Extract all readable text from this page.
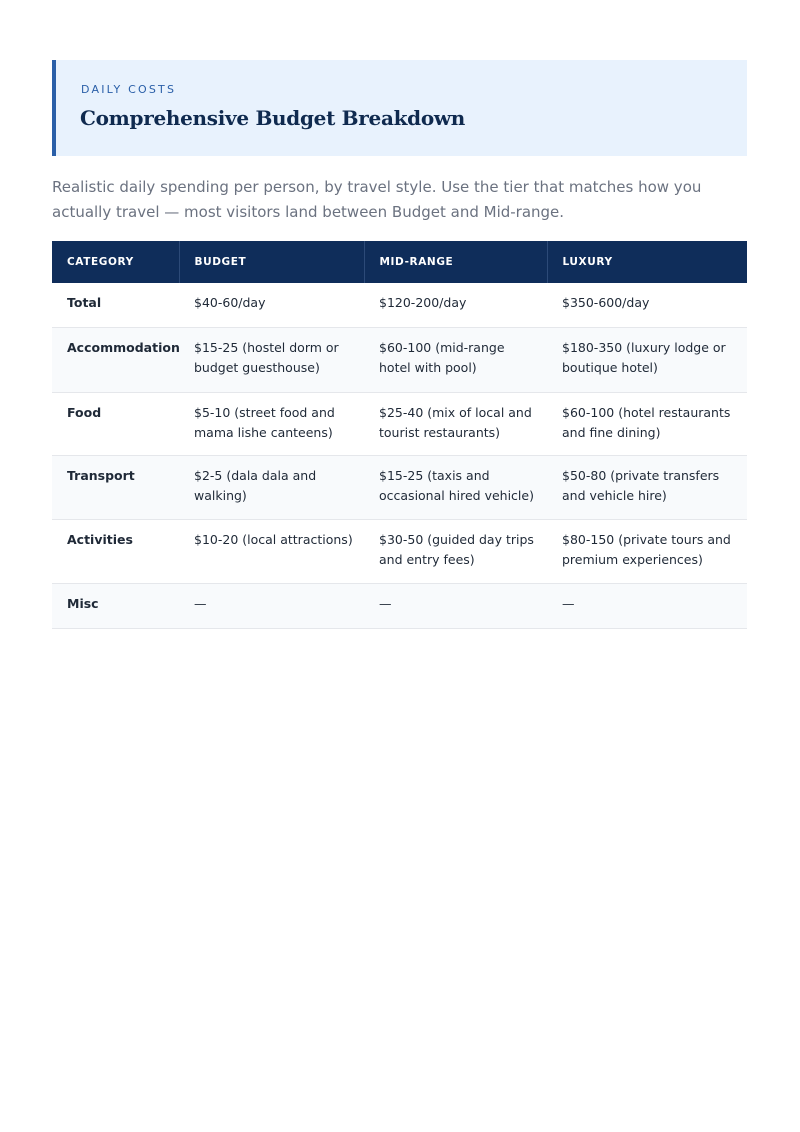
DAILY COSTS
Comprehensive Budget Breakdown

Realistic daily spending per person, by travel style. Use the tier that matches how you actually travel — most visitors land between Budget and Mid-range.

CATEGORY	BUDGET	MID-RANGE	LUXURY
Total	$40-60/day	$120-200/day	$350-600/day
Accommodation	$15-25 (hostel dorm or budget guesthouse)	$60-100 (mid-range hotel with pool)	$180-350 (luxury lodge or boutique hotel)
Food	$5-10 (street food and mama lishe canteens)	$25-40 (mix of local and tourist restaurants)	$60-100 (hotel restaurants and fine dining)
Transport	$2-5 (dala dala and walking)	$15-25 (taxis and occasional hired vehicle)	$50-80 (private transfers and vehicle hire)
Activities	$10-20 (local attractions)	$30-50 (guided day trips and entry fees)	$80-150 (private tours and premium experiences)
Misc	—	—	—
